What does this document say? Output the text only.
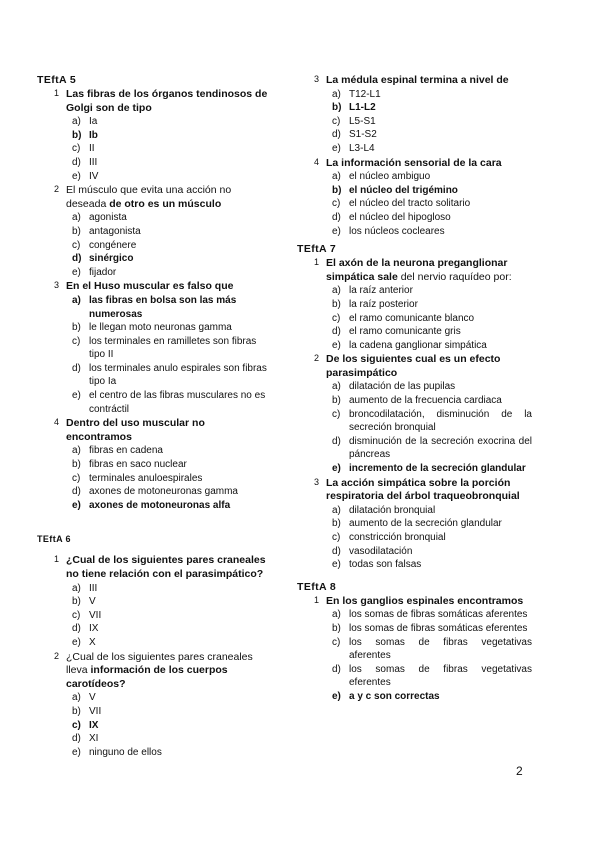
TEftA 5
1 Las fibras de los órganos tendinosos de Golgi son de tipo
a) Ia
b) Ib
c) II
d) III
e) IV
2 El músculo que evita una acción no deseada de otro es un músculo
a) agonista
b) antagonista
c) congénere
d) sinérgico
e) fijador
3 En el Huso muscular es falso que
a) las fibras en bolsa son las más numerosas
b) le llegan moto neuronas gamma
c) los terminales en ramilletes son fibras tipo II
d) los terminales anulo espirales son fibras tipo Ia
e) el centro de las fibras musculares no es contráctil
4 Dentro del uso muscular no encontramos
a) fibras en cadena
b) fibras en saco nuclear
c) terminales anuloespirales
d) axones de motoneuronas gamma
e) axones de motoneuronas alfa
TEftA 6
1 ¿Cual de los siguientes pares craneales no tiene relación con el parasimpático?
a) III
b) V
c) VII
d) IX
e) X
2 ¿Cual de los siguientes pares craneales lleva información de los cuerpos carotídeos?
a) V
b) VII
c) IX
d) XI
e) ninguno de ellos
3 La médula espinal termina a nivel de
a) T12-L1
b) L1-L2
c) L5-S1
d) S1-S2
e) L3-L4
4 La información sensorial de la cara
a) el núcleo ambiguo
b) el núcleo del trigémino
c) el núcleo del tracto solitario
d) el núcleo del hipogloso
e) los núcleos cocleares
TEftA 7
1 El axón de la neurona preganglionar simpática sale del nervio raquídeo por:
a) la raíz anterior
b) la raíz posterior
c) el ramo comunicante blanco
d) el ramo comunicante gris
e) la cadena ganglionar simpática
2 De los siguientes cual es un efecto parasimpático
a) dilatación de las pupilas
b) aumento de la frecuencia cardiaca
c) broncodilatación, disminución de la secreción bronquial
d) disminución de la secreción exocrina del páncreas
e) incremento de la secreción glandular
3 La acción simpática sobre la porción respiratoria del árbol traqueobronquial
a) dilatación bronquial
b) aumento de la secreción glandular
c) constricción bronquial
d) vasodilatación
e) todas son falsas
TEftA 8
1 En los ganglios espinales encontramos
a) los somas de fibras somáticas aferentes
b) los somas de fibras somáticas eferentes
c) los somas de fibras vegetativas aferentes
d) los somas de fibras vegetativas eferentes
e) a y c son correctas
2
